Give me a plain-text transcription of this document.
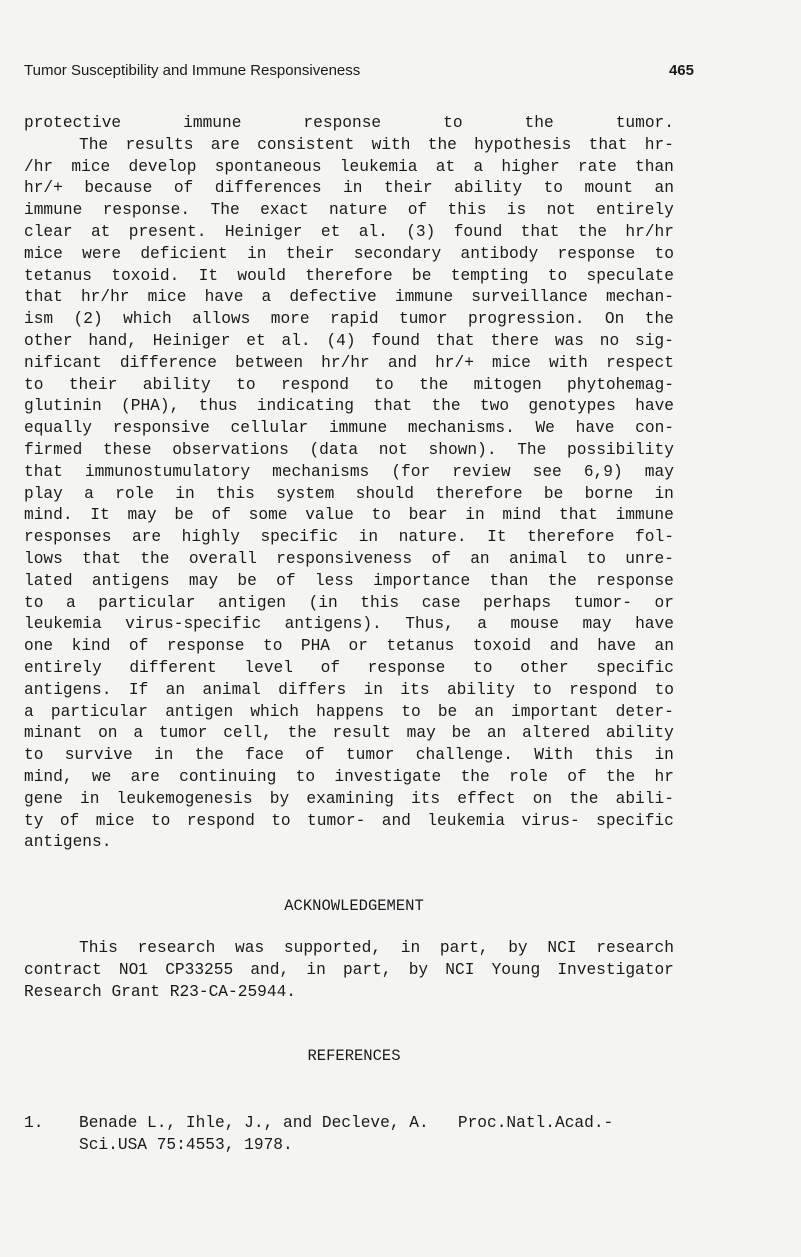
Tumor Susceptibility and Immune Responsiveness	465
protective	immune	response	to	the	tumor.
The results are consistent with the hypothesis that hr-
/hr mice develop spontaneous leukemia at a higher rate than
hr/+ because of differences in their ability to mount an
immune response. The exact nature of this is not entirely
clear at present. Heiniger et al. (3) found that the hr/hr
mice were deficient in their secondary antibody response to
tetanus toxoid. It would therefore be tempting to speculate
that hr/hr mice have a defective immune surveillance mechan-
ism (2) which allows more rapid tumor progression. On the
other hand, Heiniger et al. (4) found that there was no sig-
nificant difference between hr/hr and hr/+ mice with respect
to their ability to respond to the mitogen phytohemag-
glutinin (PHA), thus indicating that the two genotypes have
equally responsive cellular immune mechanisms. We have con-
firmed these observations (data not shown). The possibility
that immunostumulatory mechanisms (for review see 6,9) may
play a role in this system should therefore be borne in
mind. It may be of some value to bear in mind that immune
responses are highly specific in nature. It therefore fol-
lows that the overall responsiveness of an animal to unre-
lated antigens may be of less importance than the response
to a particular antigen (in this case perhaps tumor- or
leukemia virus-specific antigens). Thus, a mouse may have
one kind of response to PHA or tetanus toxoid and have an
entirely different level of response to other specific
antigens. If an animal differs in its ability to respond to
a particular antigen which happens to be an important deter-
minant on a tumor cell, the result may be an altered ability
to survive in the face of tumor challenge. With this in
mind, we are continuing to investigate the role of the hr
gene in leukemogenesis by examining its effect on the abili-
ty of mice to respond to tumor- and leukemia virus- specific
antigens.
ACKNOWLEDGEMENT
This research was supported, in part, by NCI research
contract NO1 CP33255 and, in part, by NCI Young Investigator
Research Grant R23-CA-25944.
REFERENCES
1. Benade L., Ihle, J., and Decleve, A.   Proc.Natl.Acad.-
Sci.USA 75:4553, 1978.
